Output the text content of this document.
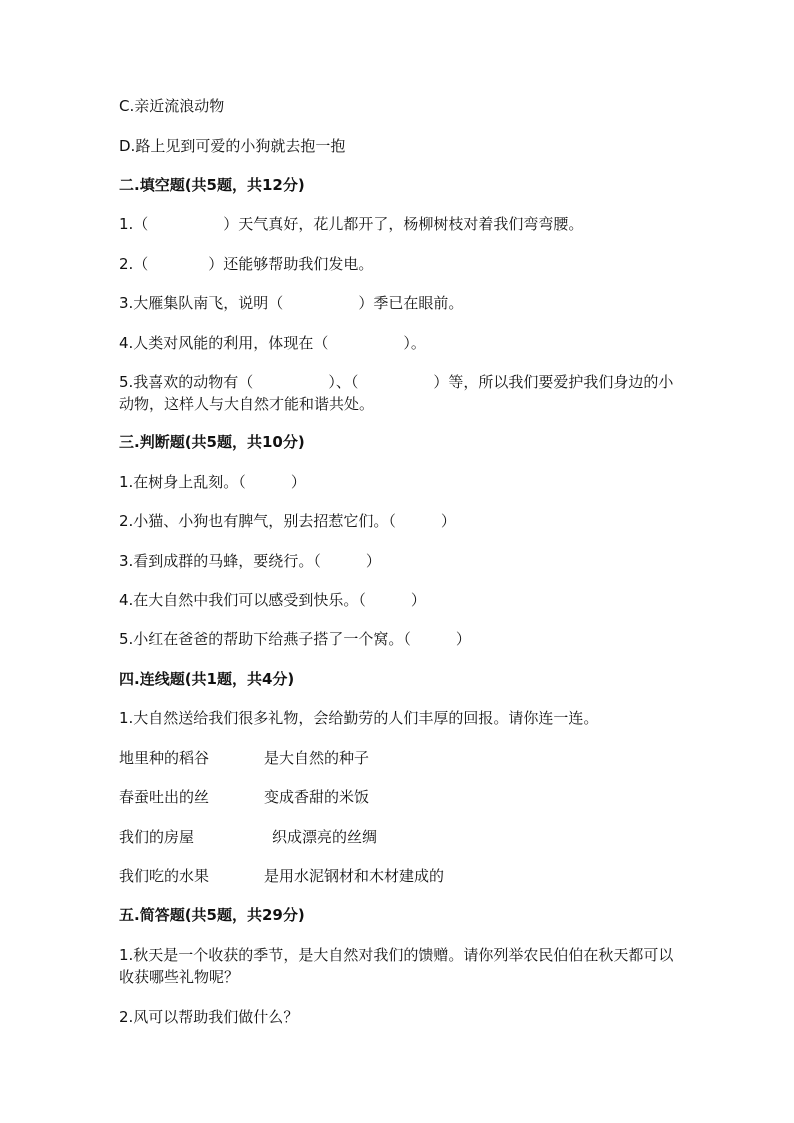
C.亲近流浪动物
D.路上见到可爱的小狗就去抱一抱
二.填空题(共5题，共12分)
1.（　　　　　）天气真好，花儿都开了，杨柳树枝对着我们弯弯腰。
2.（　　　　）还能够帮助我们发电。
3.大雁集队南飞，说明（　　　　　）季已在眼前。
4.人类对风能的利用，体现在（　　　　　）。
5.我喜欢的动物有（　　　　　）、（　　　　　）等，所以我们要爱护我们身边的小动物，这样人与大自然才能和谐共处。
三.判断题(共5题，共10分)
1.在树身上乱刻。（　　　）
2.小猫、小狗也有脾气，别去招惹它们。（　　　）
3.看到成群的马蜂，要绕行。（　　　）
4.在大自然中我们可以感受到快乐。（　　　）
5.小红在爸爸的帮助下给燕子搭了一个窝。（　　　）
四.连线题(共1题，共4分)
1.大自然送给我们很多礼物，会给勤劳的人们丰厚的回报。请你连一连。
地里种的稻谷	是大自然的种子
春蚕吐出的丝	变成香甜的米饭
我们的房屋	织成漂亮的丝绸
我们吃的水果	是用水泥钢材和木材建成的
五.简答题(共5题，共29分)
1.秋天是一个收获的季节，是大自然对我们的馈赠。请你列举农民伯伯在秋天都可以收获哪些礼物呢？
2.风可以帮助我们做什么？
